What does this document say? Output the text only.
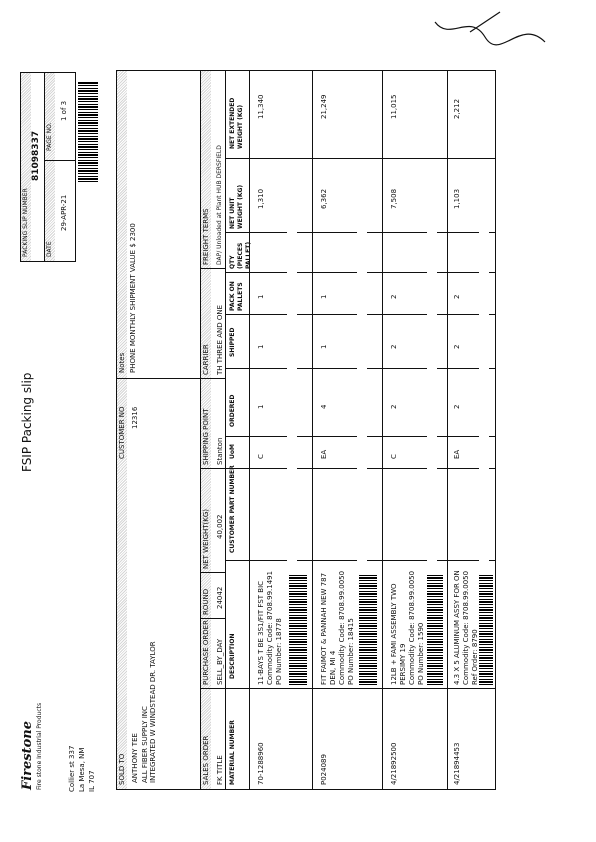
Firestone Fire stone Industrial Products	Collier st 337 La Mesa, NM IL 707
FSIP Packing slip
PACKING SLIP NUMBER
81098337
DATE
PAGE NO.
29-APR-21
1 of 3
SOLD TO ANTHONY TEE ALL FIBER SUPPLY INC INTEGRATED W WINDSTEAD DR. TAYLOR
CUSTOMER NO 12316
Notes PHONE MONTHLY SHIPMENT VALUE $ 2300
SALES ORDER FK TITLE
PURCHASE ORDER SELL_BY_DAY
ROUND 24042
NET WEIGHT(KG) 40,002
SHIPPING POINT Stanton
CARRIER TH THREE AND ONE
FREIGHT TERMS DAP/ Unloaded at Plant HUB DERSFIELD
MATERIAL NUMBER
DESCRIPTION
CUSTOMER PART NUMBER
UoM
ORDERED
SHIPPED
PACK ON PALLETS
QTY (PIECES PALLET)
NET UNIT WEIGHT (KG)
NET EXTENDED WEIGHT (KG)
70-1288960
11-BAYS T BE 3S1/FIT FST BIC Commodity Code: 8708.99.1491 PO Number: 18778
C
1
1
1
1,310
11,340
P024089
FIT FAIMOT & PANNAH NEW 787 DEN, MI 4 Commodity Code: 8708.99.0050 PO Number: 18415
EA
4
1
1
6,362
21,249
4/21892500
12LB + FAMI ASSEMBLY TWO PERSIMY 19 Commodity Code: 8708.99.0050 PO Number: 1590
C
2
2
2
7,508
11,015
4/21894453
4.3 X 5 ALUMINUM ASSY FOR ON Commodity Code: 8708.99.0050 Ref Order: 8790
EA
2
2
2
1,103
2,212
